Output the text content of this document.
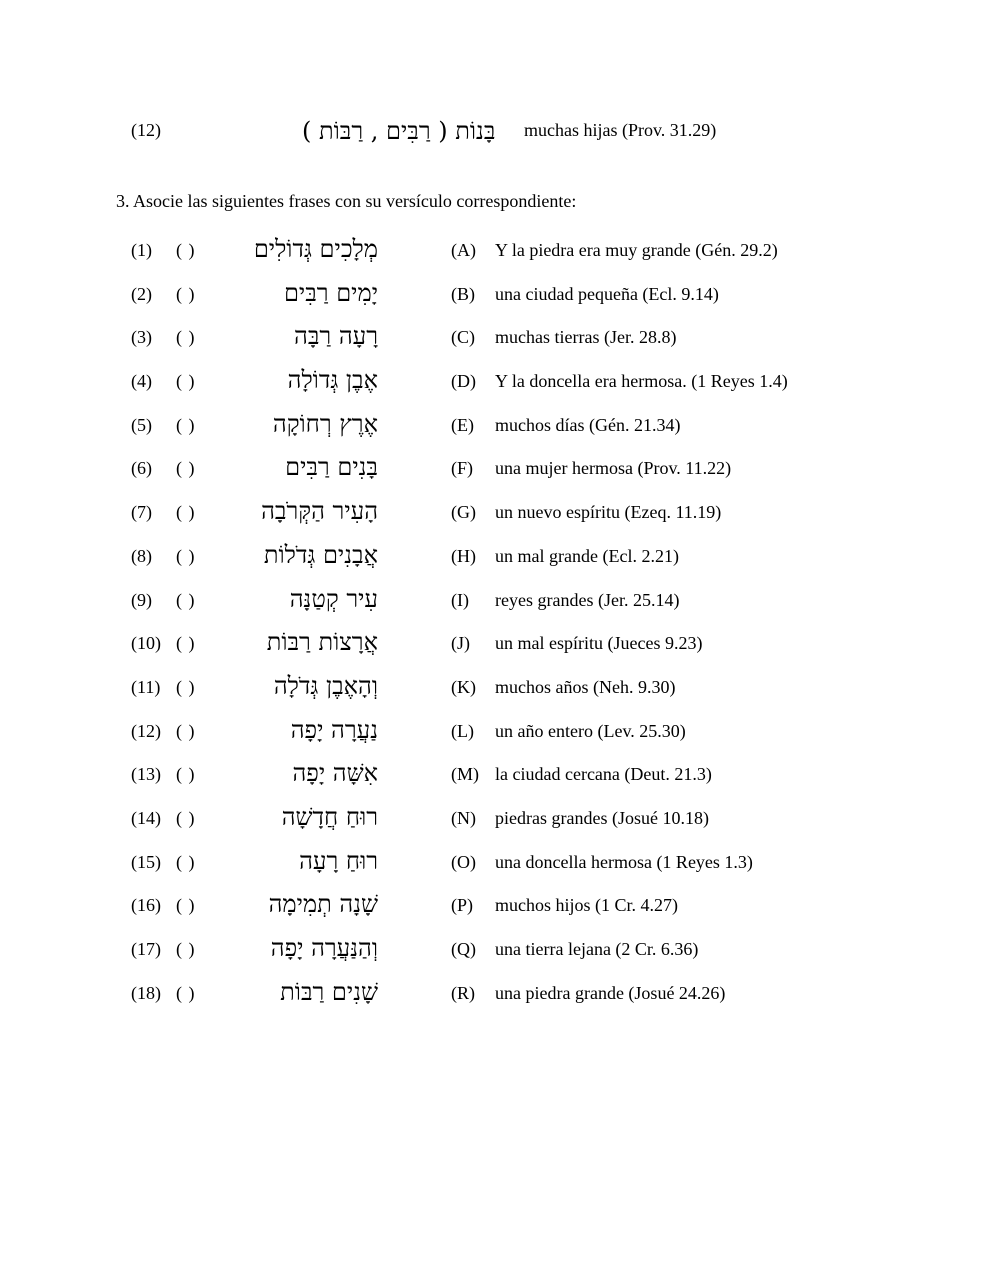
(12)	בָּנוֹת ( רַבִּים , רַבּוֹת ) muchas hijas (Prov. 31.29)
3. Asocie las siguientes frases con su versículo correspondiente:
(1) ( ) מְלָכִים גְּדוֹלִים	(A) Y la piedra era muy grande (Gén. 29.2)
(2) ( )	יָמִים רַבִּים	(B) una ciudad pequeña (Ecl. 9.14)
(3) ( )	רָעָה רַבָּה	(C) muchas tierras (Jer. 28.8)
(4) ( )	אֶבֶן גְּדוֹלָה	(D) Y la doncella era hermosa. (1 Reyes 1.4)
(5) ( )	אֶרֶץ רְחוֹקָה	(E) muchos días (Gén. 21.34)
(6) ( )	בָּנִים רַבִּים	(F) una mujer hermosa (Prov. 11.22)
(7) ( )	הָעִיר הַקְּרֹבָה	(G) un nuevo espíritu (Ezeq. 11.19)
(8) ( )	אֲבָנִים גְּדֹלוֹת	(H) un mal grande (Ecl. 2.21)
(9) ( )	עִיר קְטַנָּה	(I) reyes grandes (Jer. 25.14)
(10) ( )	אֲרָצוֹת רַבּוֹת	(J) un mal espíritu (Jueces 9.23)
(11) ( )	וְהָאֶבֶן גְּדֹלָה	(K) muchos años (Neh. 9.30)
(12) ( )	נַעֲרָה יָפָה	(L) un año entero (Lev. 25.30)
(13) ( )	אִשָּׁה יָפָה	(M) la ciudad cercana (Deut. 21.3)
(14) ( )	רוּחַ חֲדָשָׁה	(N) piedras grandes (Josué 10.18)
(15) ( )	רוּחַ רָעָה	(O) una doncella hermosa (1 Reyes 1.3)
(16) ( )	שָׁנָה תְמִימָה	(P) muchos hijos (1 Cr. 4.27)
(17) ( )	וְהַנַּעֲרָה יָפָה	(Q) una tierra lejana (2 Cr. 6.36)
(18) ( )	שָׁנִים רַבּוֹת	(R) una piedra grande (Josué 24.26)
